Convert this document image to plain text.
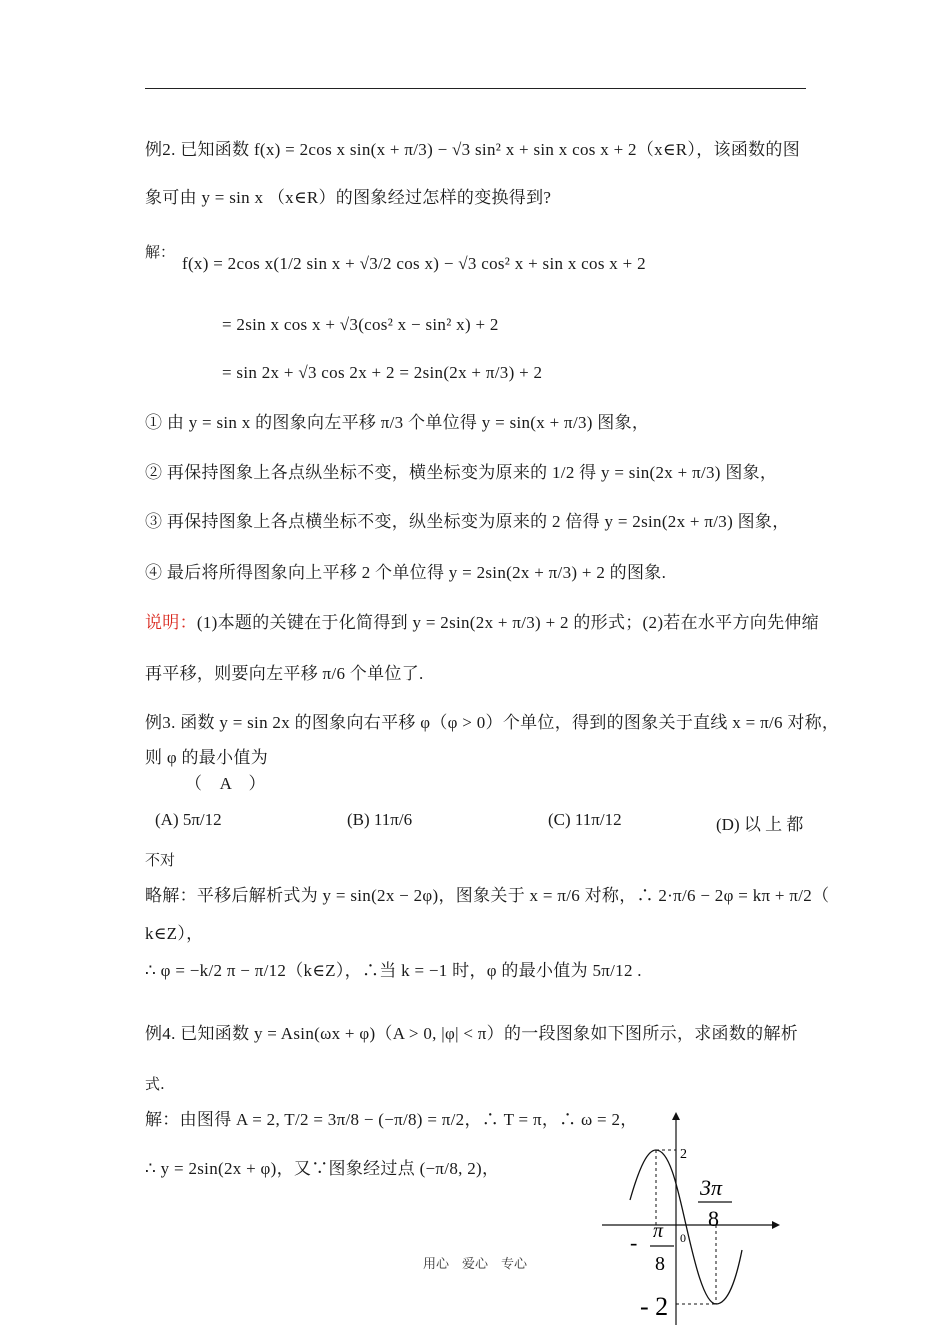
例2. 已知函数 f(x) = 2cos x sin(x + π/3) − √3 sin² x + sin x cos x + 2（x∈R），该函数的图
象可由 y = sin x （x∈R）的图象经过怎样的变换得到?
解：
f(x) = 2cos x(1/2 sin x + √3/2 cos x) − √3 cos² x + sin x cos x + 2
= 2sin x cos x + √3(cos² x − sin² x) + 2
= sin 2x + √3 cos 2x + 2 = 2sin(2x + π/3) + 2
① 由 y = sin x 的图象向左平移 π/3 个单位得 y = sin(x + π/3) 图象，
② 再保持图象上各点纵坐标不变，横坐标变为原来的 1/2 得 y = sin(2x + π/3) 图象，
③ 再保持图象上各点横坐标不变，纵坐标变为原来的 2 倍得 y = 2sin(2x + π/3) 图象，
④ 最后将所得图象向上平移 2 个单位得 y = 2sin(2x + π/3) + 2 的图象.
说明：(1)本题的关键在于化简得到 y = 2sin(2x + π/3) + 2 的形式；(2)若在水平方向先伸缩
再平移，则要向左平移 π/6 个单位了.
例3. 函数 y = sin 2x 的图象向右平移 φ（φ > 0）个单位，得到的图象关于直线 x = π/6 对称，
则 φ 的最小值为
（　A　）
(A) 5π/12	(B) 11π/6	(C) 11π/12	(D) 以 上 都
不对
略解：平移后解析式为 y = sin(2x − 2φ)，图象关于 x = π/6 对称，∴ 2·π/6 − 2φ = kπ + π/2（
k∈Z），
∴ φ = −k/2 π − π/12（k∈Z），∴当 k = −1 时，φ 的最小值为 5π/12 .
例4. 已知函数 y = Asin(ωx + φ)（A > 0, |φ| < π）的一段图象如下图所示，求函数的解析
式.
解：由图得 A = 2, T/2 = 3π/8 − (−π/8) = π/2，∴ T = π，∴ ω = 2，
∴ y = 2sin(2x + φ)，又∵图象经过点 (−π/8, 2)，
2
0
3π
8
- π
8
- 2
用心　爱心　专心
